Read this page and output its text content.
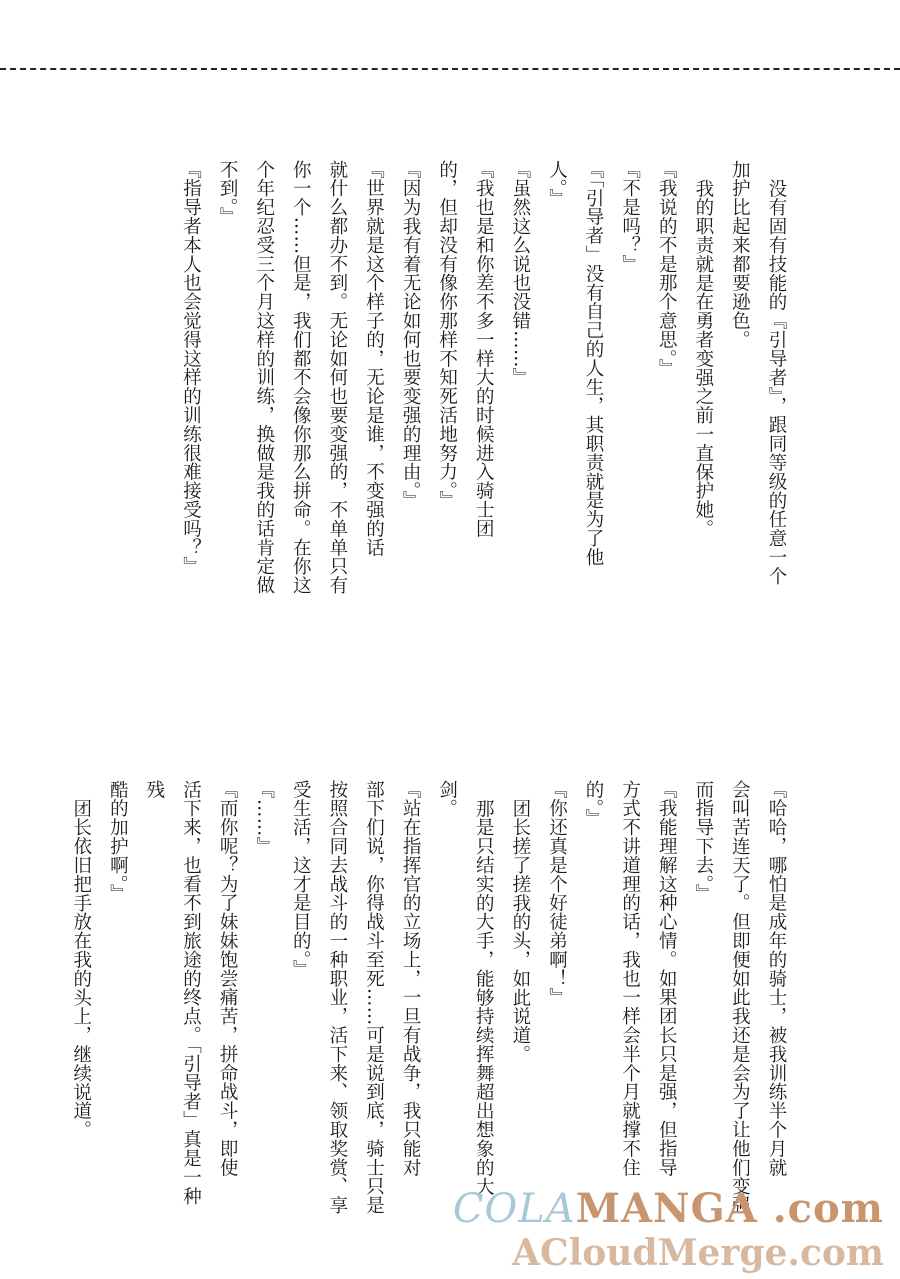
没有固有技能的『引导者』，跟同等级的任意一个
加护比起来都要逊色。
我的职责就是在勇者变强之前一直保护她。
『我说的不是那个意思。』
『不是吗？』
『「引导者」没有自己的人生，其职责就是为了他
人。』
『虽然这么说也没错……』
『我也是和你差不多一样大的时候进入骑士团
的，但却没有像你那样不知死活地努力。』
『因为我有着无论如何也要变强的理由。』
『世界就是这个样子的，无论是谁，不变强的话
就什么都办不到。无论如何也要变强的，不单单只有
你一个……但是，我们都不会像你那么拼命。在你这
个年纪忍受三个月这样的训练，换做是我的话肯定做
不到。』
『指导者本人也会觉得这样的训练很难接受吗？』
『哈哈，哪怕是成年的骑士，被我训练半个月就
会叫苦连天了。但即便如此我还是会为了让他们变强
而指导下去。』
『我能理解这种心情。如果团长只是强，但指导
方式不讲道理的话，我也一样会半个月就撑不住
的。』
『你还真是个好徒弟啊！』
团长搓了搓我的头，如此说道。
那是只结实的大手，能够持续挥舞超出想象的大
剑。
『站在指挥官的立场上，一旦有战争，我只能对
部下们说，你得战斗至死……可是说到底，骑士只是
按照合同去战斗的一种职业，活下来、领取奖赏、享
受生活，这才是目的。』
『……』
『而你呢？为了妹妹饱尝痛苦，拼命战斗，即使
活下来，也看不到旅途的终点。「引导者」真是一种残
酷的加护啊。』
团长依旧把手放在我的头上，继续说道。
COLAMANGA .com
ACloudMerge.com
